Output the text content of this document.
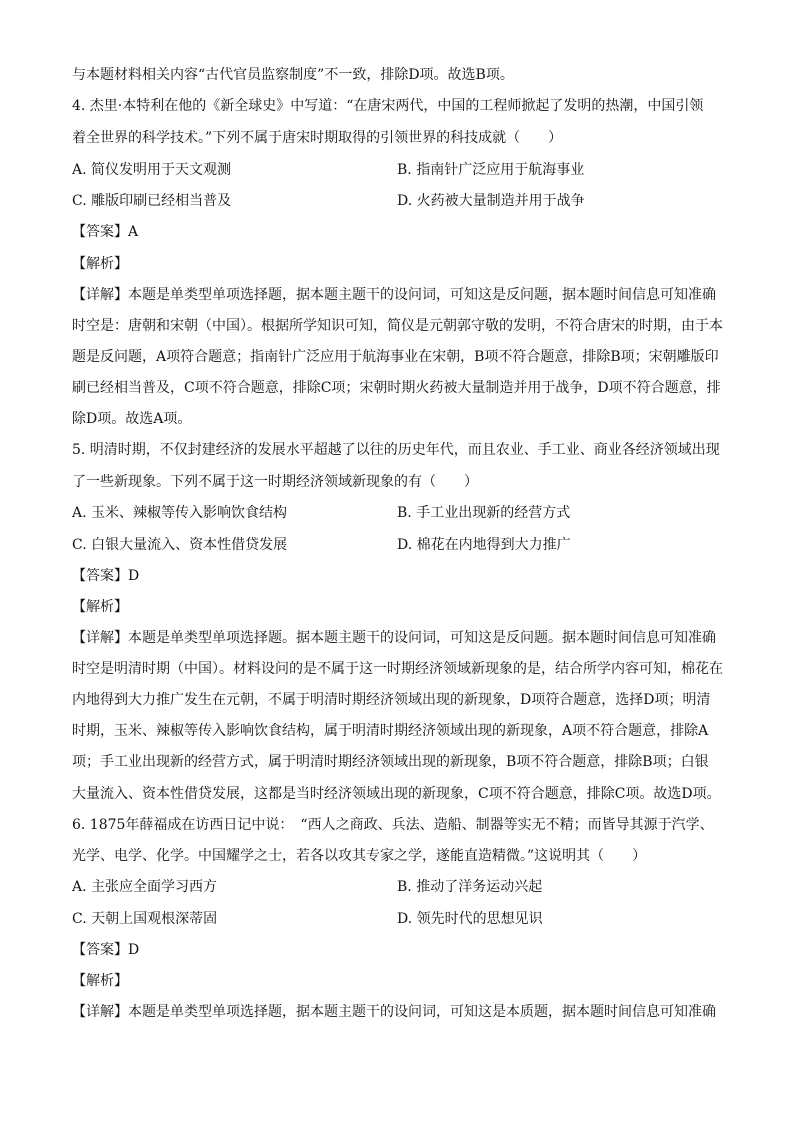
与本题材料相关内容“古代官员监察制度”不一致，排除D项。故选B项。
4. 杰里·本特利在他的《新全球史》中写道：“在唐宋两代，中国的工程师掀起了发明的热潮，中国引领
着全世界的科学技术。”下列不属于唐宋时期取得的引领世界的科技成就（　　）
A. 简仪发明用于天文观测	B. 指南针广泛应用于航海事业
C. 雕版印刷已经相当普及	D. 火药被大量制造并用于战争
【答案】A
【解析】
【详解】本题是单类型单项选择题，据本题主题干的设问词，可知这是反问题，据本题时间信息可知准确
时空是：唐朝和宋朝（中国）。根据所学知识可知，简仪是元朝郭守敬的发明，不符合唐宋的时期，由于本
题是反问题，A项符合题意；指南针广泛应用于航海事业在宋朝，B项不符合题意，排除B项；宋朝雕版印
刷已经相当普及，C项不符合题意，排除C项；宋朝时期火药被大量制造并用于战争，D项不符合题意，排
除D项。故选A项。
5. 明清时期，不仅封建经济的发展水平超越了以往的历史年代，而且农业、手工业、商业各经济领域出现
了一些新现象。下列不属于这一时期经济领域新现象的有（　　）
A. 玉米、辣椒等传入影响饮食结构	B. 手工业出现新的经营方式
C. 白银大量流入、资本性借贷发展	D. 棉花在内地得到大力推广
【答案】D
【解析】
【详解】本题是单类型单项选择题。据本题主题干的设问词，可知这是反问题。据本题时间信息可知准确
时空是明清时期（中国）。材料设问的是不属于这一时期经济领域新现象的是，结合所学内容可知，棉花在
内地得到大力推广发生在元朝，不属于明清时期经济领域出现的新现象，D项符合题意，选择D项；明清
时期，玉米、辣椒等传入影响饮食结构，属于明清时期经济领域出现的新现象，A项不符合题意，排除A
项；手工业出现新的经营方式，属于明清时期经济领域出现的新现象，B项不符合题意，排除B项；白银
大量流入、资本性借贷发展，这都是当时经济领域出现的新现象，C项不符合题意，排除C项。故选D项。
6. 1875年薛福成在访西日记中说：　“西人之商政、兵法、造船、制器等实无不精；而皆导其源于汽学、
光学、电学、化学。中国耀学之士，若各以攻其专家之学，遂能直造精微。”这说明其（　　）
A. 主张应全面学习西方	B. 推动了洋务运动兴起
C. 天朝上国观根深蒂固	D. 领先时代的思想见识
【答案】D
【解析】
【详解】本题是单类型单项选择题，据本题主题干的设问词，可知这是本质题，据本题时间信息可知准确
